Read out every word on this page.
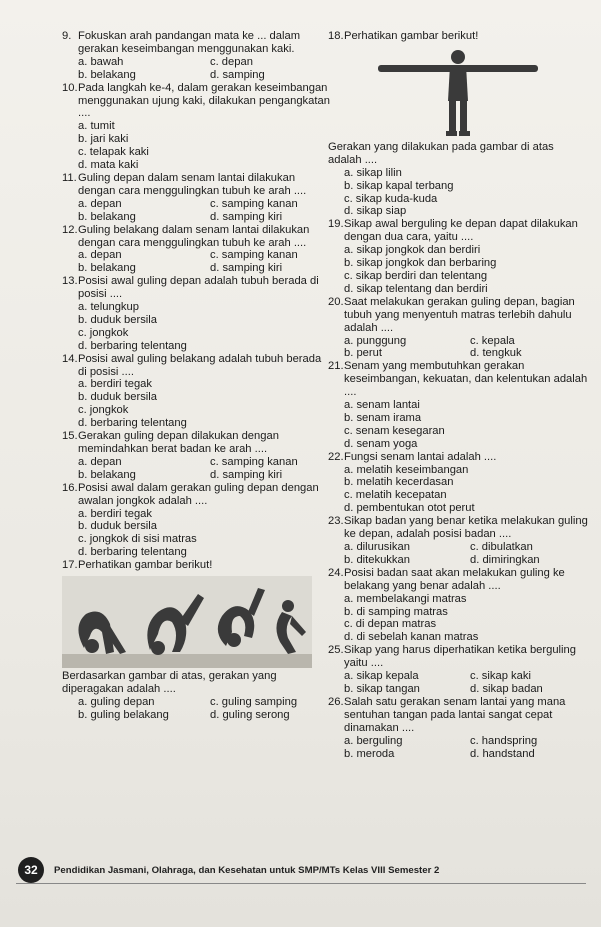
9. Fokuskan arah pandangan mata ke ... dalam gerakan keseimbangan menggunakan kaki.
a. bawah	c. depan
b. belakang	d. samping
10. Pada langkah ke-4, dalam gerakan keseimbangan menggunakan ujung kaki, dilakukan pengangkatan ....
a. tumit
b. jari kaki
c. telapak kaki
d. mata kaki
11. Guling depan dalam senam lantai dilakukan dengan cara menggulingkan tubuh ke arah ....
a. depan	c. samping kanan
b. belakang	d. samping kiri
12. Guling belakang dalam senam lantai dilakukan dengan cara menggulingkan tubuh ke arah ....
a. depan	c. samping kanan
b. belakang	d. samping kiri
13. Posisi awal guling depan adalah tubuh berada di posisi ....
a. telungkup
b. duduk bersila
c. jongkok
d. berbaring telentang
14. Posisi awal guling belakang adalah tubuh berada di posisi ....
a. berdiri tegak
b. duduk bersila
c. jongkok
d. berbaring telentang
15. Gerakan guling depan dilakukan dengan memindahkan berat badan ke arah ....
a. depan	c. samping kanan
b. belakang	d. samping kiri
16. Posisi awal dalam gerakan guling depan dengan awalan jongkok adalah ....
a. berdiri tegak
b. duduk bersila
c. jongkok di sisi matras
d. berbaring telentang
17. Perhatikan gambar berikut!
Berdasarkan gambar di atas, gerakan yang diperagakan adalah ....
a. guling depan	c. guling samping
b. guling belakang	d. guling serong
18. Perhatikan gambar berikut!
Gerakan yang dilakukan pada gambar di atas adalah ....
a. sikap lilin
b. sikap kapal terbang
c. sikap kuda-kuda
d. sikap siap
19. Sikap awal berguling ke depan dapat dilakukan dengan dua cara, yaitu ....
a. sikap jongkok dan berdiri
b. sikap jongkok dan berbaring
c. sikap berdiri dan telentang
d. sikap telentang dan berdiri
20. Saat melakukan gerakan guling depan, bagian tubuh yang menyentuh matras terlebih dahulu adalah ....
a. punggung	c. kepala
b. perut	d. tengkuk
21. Senam yang membutuhkan gerakan keseimbangan, kekuatan, dan kelentukan adalah ....
a. senam lantai
b. senam irama
c. senam kesegaran
d. senam yoga
22. Fungsi senam lantai adalah ....
a. melatih keseimbangan
b. melatih kecerdasan
c. melatih kecepatan
d. pembentukan otot perut
23. Sikap badan yang benar ketika melakukan guling ke depan, adalah posisi badan ....
a. dilurusikan	c. dibulatkan
b. ditekukkan	d. dimiringkan
24. Posisi badan saat akan melakukan guling ke belakang yang benar adalah ....
a. membelakangi matras
b. di samping matras
c. di depan matras
d. di sebelah kanan matras
25. Sikap yang harus diperhatikan ketika berguling yaitu ....
a. sikap kepala	c. sikap kaki
b. sikap tangan	d. sikap badan
26. Salah satu gerakan senam lantai yang mana sentuhan tangan pada lantai sangat cepat dinamakan ....
a. berguling	c. handspring
b. meroda	d. handstand
32	Pendidikan Jasmani, Olahraga, dan Kesehatan untuk SMP/MTs Kelas VIII Semester 2
